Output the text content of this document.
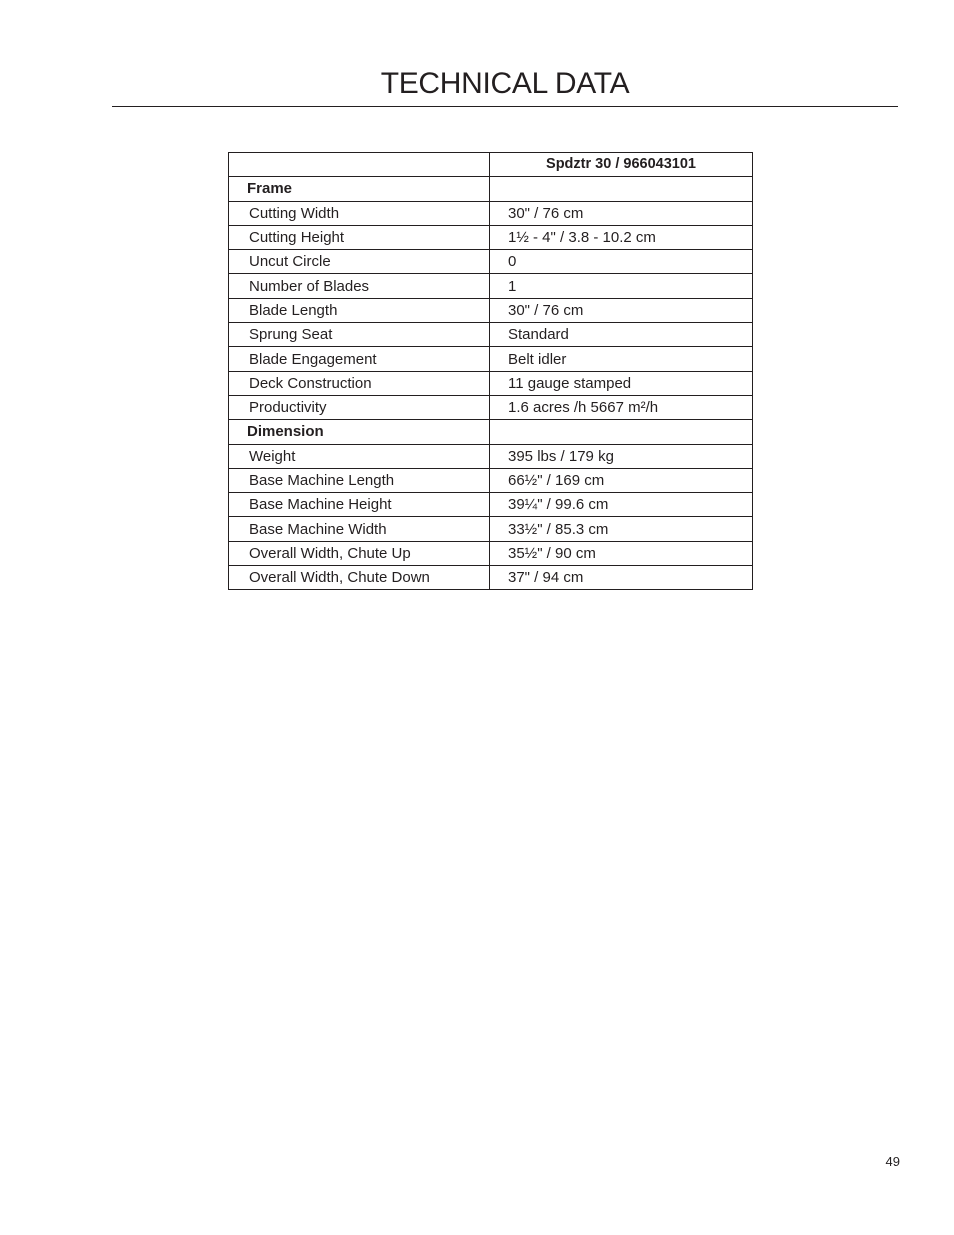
TECHNICAL DATA
	Spdztr 30 / 966043101
Frame	
Cutting Width	30" / 76 cm
Cutting Height	1½ - 4" / 3.8 - 10.2 cm
Uncut Circle	0
Number of Blades	1
Blade Length	30" / 76 cm
Sprung Seat	Standard
Blade Engagement	Belt idler
Deck Construction	11 gauge stamped
Productivity	1.6 acres /h 5667 m²/h
Dimension	
Weight	395 lbs / 179 kg
Base Machine Length	66½" / 169 cm
Base Machine Height	39¼" / 99.6 cm
Base Machine Width	33½" / 85.3 cm
Overall Width, Chute Up	35½" / 90 cm
Overall Width, Chute Down	37" / 94 cm
49
